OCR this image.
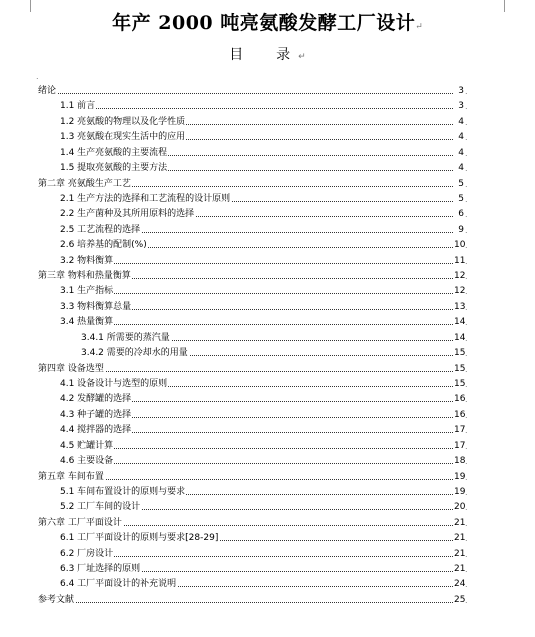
年产 2000 吨亮氨酸发酵工厂设计↵
目  录↵
.
绪论	3 .
1.1 前言	3 .
1.2 亮氨酸的物理以及化学性质	4 .
1.3 亮氨酸在现实生活中的应用	4 .
1.4 生产亮氨酸的主要流程	4 .
1.5 提取亮氨酸的主要方法	4 .
第二章 亮氨酸生产工艺	5 .
2.1 生产方法的选择和工艺流程的设计原则	5 .
2.2 生产菌种及其所用原料的选择	6 .
2.5 工艺流程的选择	9 .
2.6 培养基的配制(%)	10 .
3.2 物料衡算	11 .
第三章 物料和热量衡算	12 .
3.1 生产指标	12 .
3.3 物料衡算总量	13 .
3.4 热量衡算	14 .
3.4.1 所需要的蒸汽量	14 .
3.4.2 需要的冷却水的用量	15 .
第四章 设备选型	15 .
4.1 设备设计与选型的原则	15 .
4.2 发酵罐的选择	16 .
4.3 种子罐的选择	16 .
4.4 搅拌器的选择	17 .
4.5 贮罐计算	17 .
4.6 主要设备	18 .
第五章 车间布置	19 .
5.1 车间布置设计的原则与要求	19 .
5.2 工厂车间的设计	20 .
第六章 工厂平面设计	21 .
6.1 工厂平面设计的原则与要求[28-29]	21 .
6.2 厂房设计	21 .
6.3 厂址选择的原则	21 .
6.4 工厂平面设计的补充说明	24 .
参考文献	25 .
